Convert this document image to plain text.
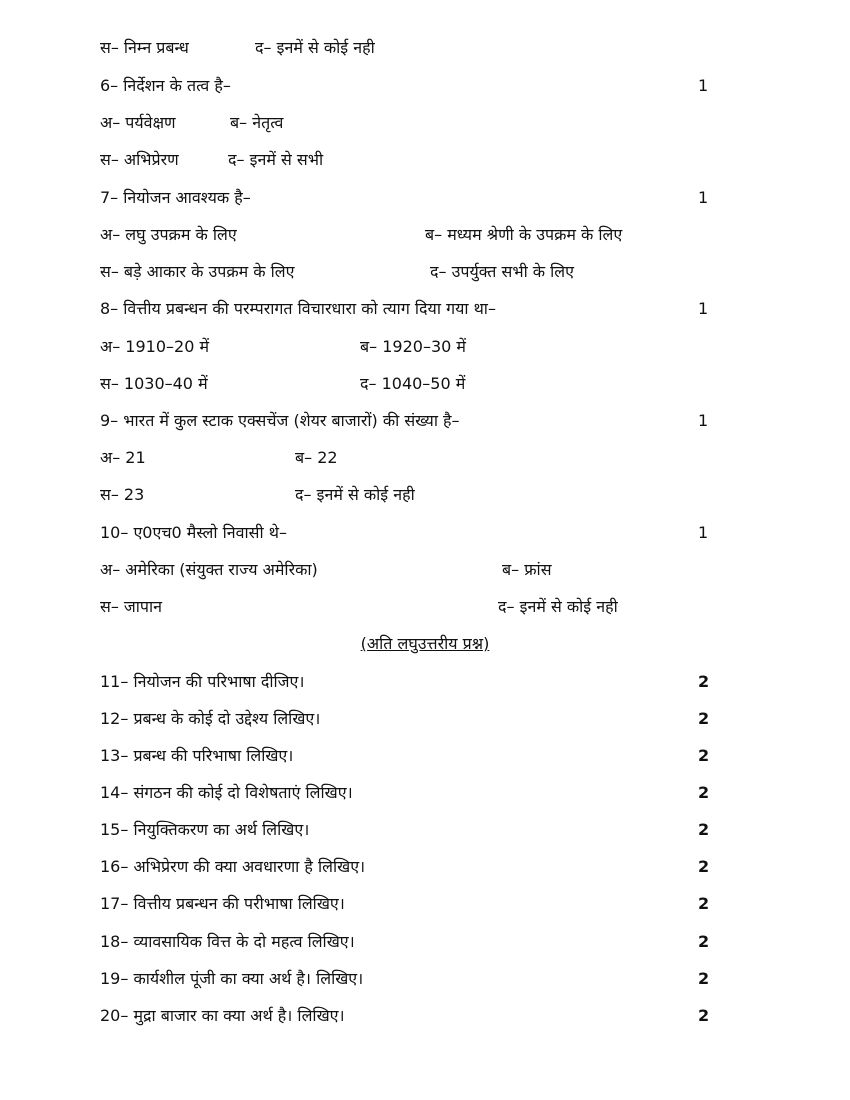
स– निम्न प्रबन्ध	द– इनमें से कोई नही
6– निर्देशन के तत्व है–	1
अ– पर्यवेक्षण	ब– नेतृत्व
स– अभिप्रेरण	द– इनमें से सभी
7– नियोजन आवश्यक है–	1
अ– लघु उपक्रम के लिए	ब– मध्यम श्रेणी के उपक्रम के लिए
स– बड़े आकार के उपक्रम के लिए	द– उपर्युक्त सभी के लिए
8– वित्तीय प्रबन्धन की परम्परागत विचारधारा को त्याग दिया गया था–	1
अ– 1910–20 में	ब– 1920–30 में
स– 1030–40 में	द– 1040–50 में
9– भारत में कुल स्टाक एक्सचेंज (शेयर बाजारों) की संख्या है–	1
अ– 21	ब– 22
स– 23	द– इनमें से कोई नही
10– ए0एच0 मैस्लो निवासी थे–	1
अ– अमेरिका (संयुक्त राज्य अमेरिका)	ब– फ्रांस
स– जापान	द– इनमें से कोई नही
(अति लघुउत्तरीय प्रश्न)
11– नियोजन की परिभाषा दीजिए।	2
12– प्रबन्ध के कोई दो उद्देश्य लिखिए।	2
13– प्रबन्ध की परिभाषा लिखिए।	2
14– संगठन की कोई दो विशेषताएं लिखिए।	2
15– नियुक्तिकरण का अर्थ लिखिए।	2
16– अभिप्रेरण की क्या अवधारणा है लिखिए।	2
17– वित्तीय प्रबन्धन की परीभाषा लिखिए।	2
18– व्यावसायिक वित्त के दो महत्व लिखिए।	2
19– कार्यशील पूंजी का क्या अर्थ है। लिखिए।	2
20– मुद्रा बाजार का क्या अर्थ है। लिखिए।	2
